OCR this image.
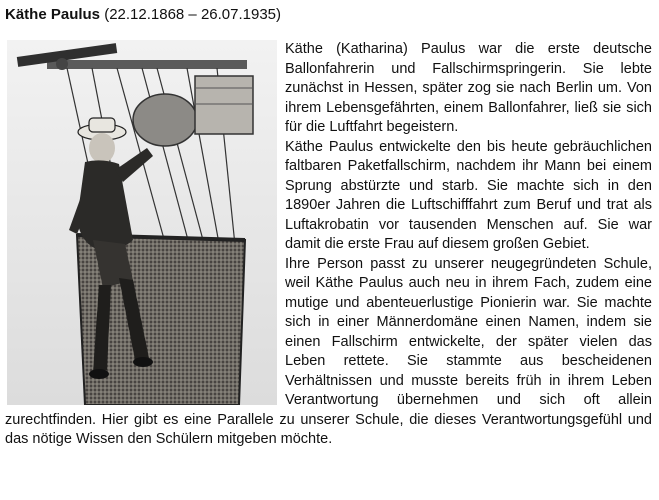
Käthe Paulus (22.12.1868 – 26.07.1935)
Käthe (Katharina) Paulus war die erste deutsche Ballonfahrerin und Fallschirmspringerin. Sie lebte zunächst in Hessen, später zog sie nach Berlin um. Von ihrem Lebensgefährten, einem Ballonfahrer, ließ sie sich für die Luftfahrt begeistern.
Käthe Paulus entwickelte den bis heute gebräuchlichen faltbaren Paketfallschirm, nachdem ihr Mann bei einem Sprung abstürzte und starb. Sie machte sich in den 1890er Jahren die Luftschifffahrt zum Beruf und trat als Luftakrobatin vor tausenden Menschen auf. Sie war damit die erste Frau auf diesem großen Gebiet.
Ihre Person passt zu unserer neugegründeten Schule, weil Käthe Paulus auch neu in ihrem Fach, zudem eine mutige und abenteuerlustige Pionierin war. Sie machte sich in einer Männerdomäne einen Namen, indem sie einen Fallschirm entwickelte, der später vielen das Leben rettete. Sie stammte aus bescheidenen Verhältnissen und musste bereits früh in ihrem Leben Verantwortung übernehmen und sich oft allein zurechtfinden. Hier gibt es eine Parallele zu unserer Schule, die dieses Verantwortungsgefühl und das nötige Wissen den Schülern mitgeben möchte.
